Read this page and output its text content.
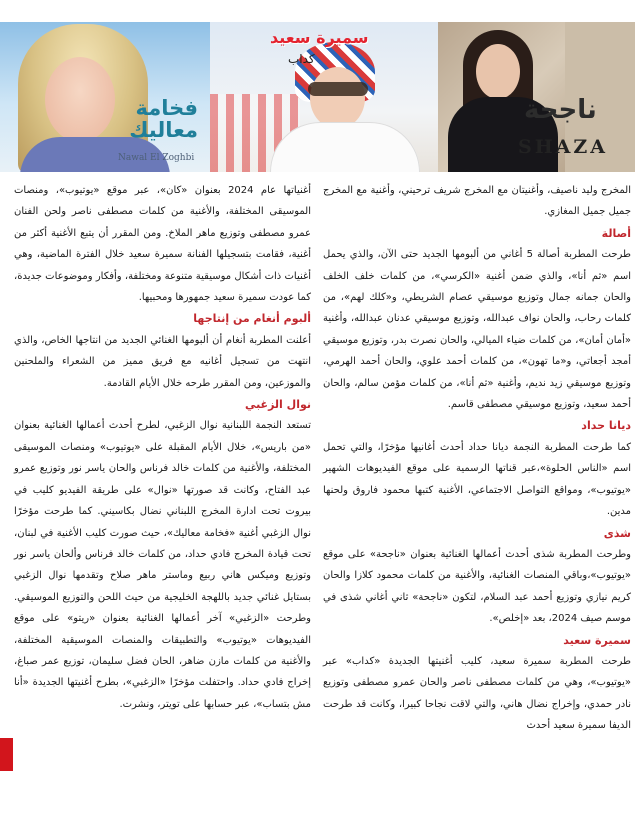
فخامة معاليك
Nawal El Zoghbi
سميرة سعيد
كداب
ناجحة
SHAZA

المخرج وليد ناصيف، وأغنيتان مع المخرج شريف ترحيني، وأغنية مع المخرج جميل جميل المغازي.

أصالة

طرحت المطربة أصالة 5 أغاني من ألبومها الجديد حتى الآن، والذي يحمل اسم «ثم أنا»، والذي ضمن أغنية «الكرسي»، من كلمات خلف الخلف والحان جمانه جمال وتوزيع موسيقي عصام الشريطي، و«كلك لهم»، من كلمات رحاب، والحان نواف عبدالله، وتوزيع موسيقي عدنان عبدالله، وأغنية «أمان أمان»، من كلمات ضياء الميالي، والحان نصرت بدر، وتوزيع موسيقي أمجد أجعاتي، و«ما تهون»، من كلمات أحمد علوي، والحان أحمد الهرمي، وتوزيع موسيقي زيد نديم، وأغنية «ثم أنا»، من كلمات مؤمن سالم، والحان أحمد سعيد، وتوزيع موسيقي مصطفى قاسم.

ديانا حداد

كما طرحت المطربة النجمة ديانا حداد أحدث أغانيها مؤخرًا، والتي تحمل اسم «الناس الحلوة»،عبر قناتها الرسمية على موقع الفيديوهات الشهير «يوتيوب»، ومواقع التواصل الاجتماعي، الأغنية كتبها محمود فاروق ولحنها مدين.

شذى

وطرحت المطربة شذى أحدث أعمالها الغنائية بعنوان «ناجحة» على موقع «يوتيوب»،وباقي المنصات الغنائية، والأغنية من كلمات محمود كلازا والحان كريم نيازي وتوزيع أحمد عبد السلام، لتكون «ناجحة» ثاني أغاني شذى في موسم صيف 2024، بعد «إخلص».

سميرة سعيد

طرحت المطربة سميرة سعيد، كليب أغنيتها الجديدة «كداب» عبر «يوتيوب»، وهي من كلمات مصطفى ناصر والحان عمرو مصطفى وتوزيع نادر حمدي، وإخراج نضال هاني، والتي لاقت نجاحا كبيرا، وكانت قد طرحت الديفا سميرة سعيد أحدث

أغنياتها عام 2024 بعنوان «كان»، عبر موقع «يوتيوب»، ومنصات الموسيقى المختلفة، والأغنية من كلمات مصطفى ناصر ولحن الفنان عمرو مصطفى وتوزيع ماهر الملاخ. ومن المقرر أن يتبع الأغنية أكثر من أغنية، فقامت بتسجيلها الفنانة سميرة سعيد خلال الفترة الماضية، وهي أغنيات ذات أشكال موسيقية متنوعة ومختلفة، وأفكار وموضوعات جديدة، كما عودت سميرة سعيد جمهورها ومحبيها.

ألبوم أنغام من إنتاجها

أعلنت المطربة أنغام أن ألبومها الغنائي الجديد من انتاجها الخاص، والذي انتهت من تسجيل أغانيه مع فريق مميز من الشعراء والملحنين والموزعين، ومن المقرر طرحه خلال الأيام القادمة.

نوال الزغبي

تستعد النجمة اللبنانية نوال الزغبي، لطرح أحدث أعمالها الغنائية بعنوان «من باريس»، خلال الأيام المقبلة على «يوتيوب» ومنصات الموسيقى المختلفة، والأغنية من كلمات خالد فرناس والحان ياسر نور وتوزيع عمرو عبد الفتاح، وكانت قد صورتها «نوال» على طريقة الفيديو كليب في بيروت تحت ادارة المخرج اللبناني نضال بكاسيني. كما طرحت مؤخرًا نوال الزغبي أغنية «فخامة معاليك»، حيث صورت كليب الأغنية في لبنان، تحت قيادة المخرج فادي حداد، من كلمات خالد فرناس وألحان ياسر نور وتوزيع وميكس هاني ربيع وماستر ماهر صلاح وتقدمها نوال الزغبي بستايل غنائي جديد باللهجة الخليجية من حيث اللحن والتوزيع الموسيقي. وطرحت «الزغبي» آخر أعمالها الغنائية بعنوان «ريتو» على موقع الفيديوهات «يوتيوب» والتطبيقات والمنصات الموسيقية المختلفة، والأغنية من كلمات مازن ضاهر، الحان فضل سليمان، توزيع عمر صباغ، إخراج فادي حداد. واحتفلت مؤخرًا «الزغبي»، بطرح أغنيتها الجديدة «أنا مش بتساب»، عبر حسابها على تويتر، ونشرت.
